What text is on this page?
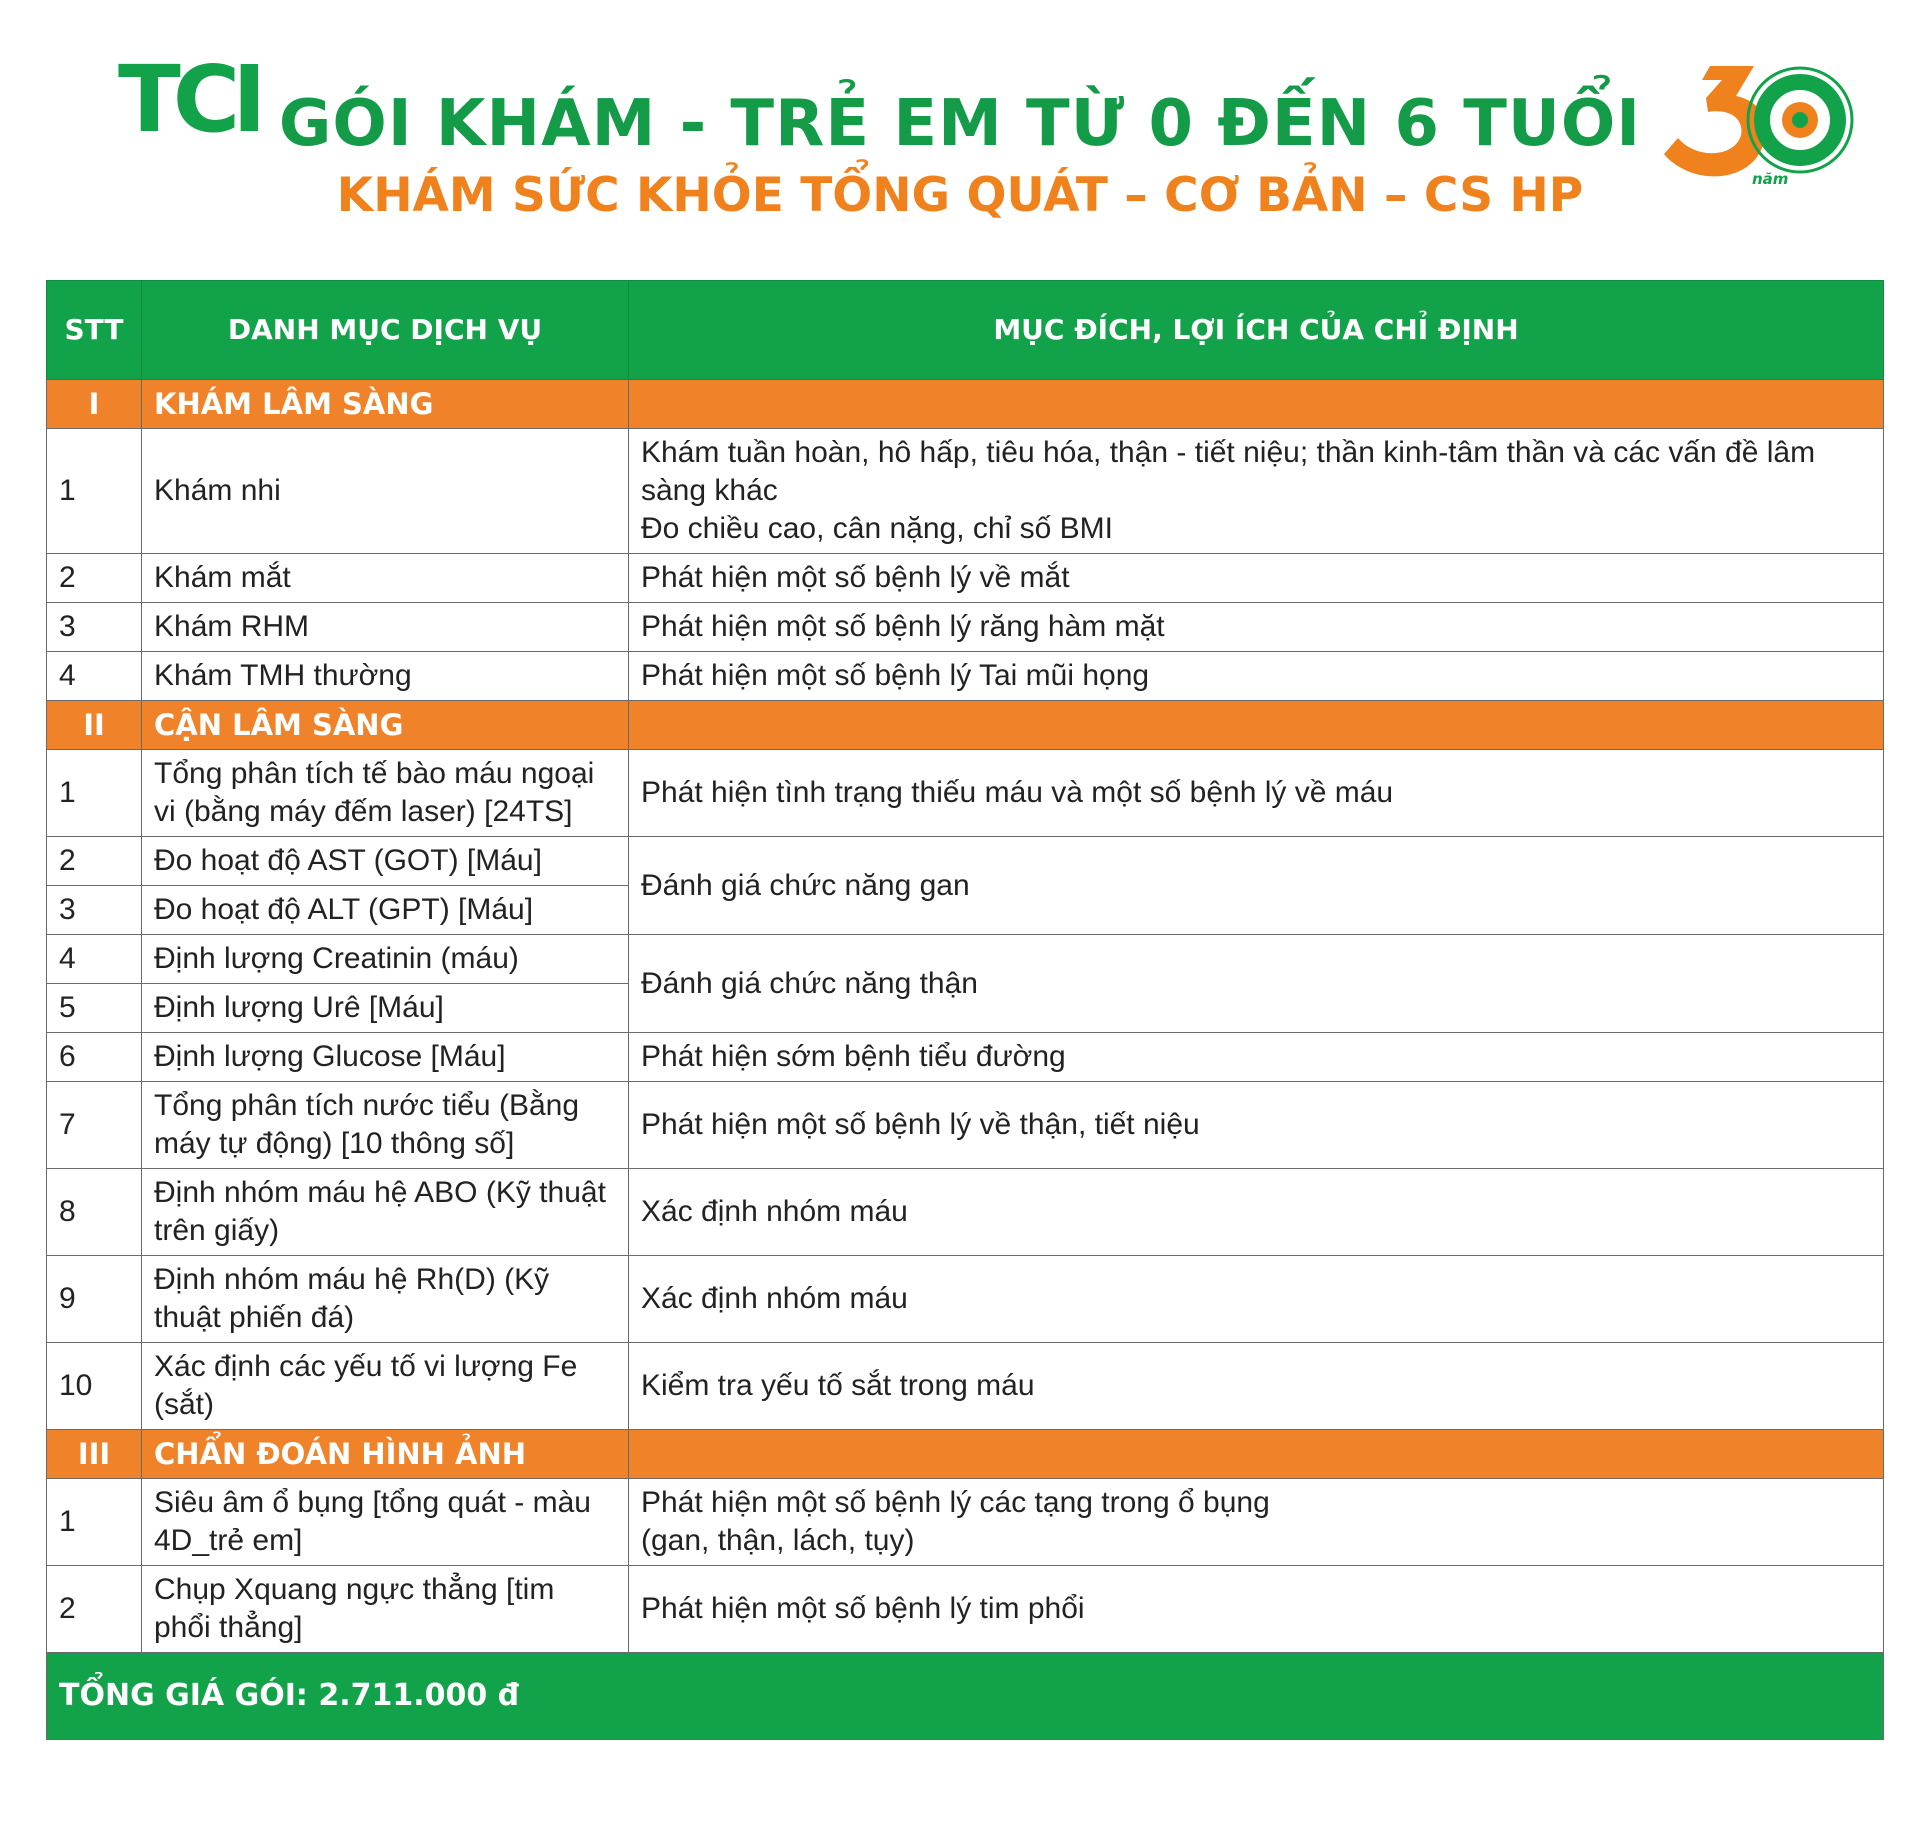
TCI GÓI KHÁM - TRẺ EM TỪ 0 ĐẾN 6 TUỔI
KHÁM SỨC KHỎE TỔNG QUÁT – CƠ BẢN – CS HP	năm
STT	DANH MỤC DỊCH VỤ	MỤC ĐÍCH, LỢI ÍCH CỦA CHỈ ĐỊNH
I	KHÁM LÂM SÀNG	
1	Khám nhi	Khám tuần hoàn, hô hấp, tiêu hóa, thận - tiết niệu; thần kinh-tâm thần và các vấn đề lâm sàng khác
Đo chiều cao, cân nặng, chỉ số BMI

2	Khám mắt	Phát hiện một số bệnh lý về mắt
3	Khám RHM	Phát hiện một số bệnh lý răng hàm mặt
4	Khám TMH thường	Phát hiện một số bệnh lý Tai mũi họng
II	CẬN LÂM SÀNG	
1	Tổng phân tích tế bào máu ngoại vi (bằng máy đếm laser) [24TS]	Phát hiện tình trạng thiếu máu và một số bệnh lý về máu
2	Đo hoạt độ AST (GOT) [Máu]	Đánh giá chức năng gan
3	Đo hoạt độ ALT (GPT) [Máu]	
4	Định lượng Creatinin (máu)	Đánh giá chức năng thận
5	Định lượng Urê [Máu]	
6	Định lượng Glucose [Máu]	Phát hiện sớm bệnh tiểu đường
7	Tổng phân tích nước tiểu (Bằng máy tự động) [10 thông số]	Phát hiện một số bệnh lý về thận, tiết niệu
8	Định nhóm máu hệ ABO (Kỹ thuật trên giấy)	Xác định nhóm máu
9	Định nhóm máu hệ Rh(D) (Kỹ thuật phiến đá)	Xác định nhóm máu
10	Xác định các yếu tố vi lượng Fe (sắt)	Kiểm tra yếu tố sắt trong máu
III	CHẨN ĐOÁN HÌNH ẢNH	
1	Siêu âm ổ bụng [tổng quát - màu 4D_trẻ em]	Phát hiện một số bệnh lý các tạng trong ổ bụng
(gan, thận, lách, tụy)

2	Chụp Xquang ngực thẳng [tim phổi thẳng]	Phát hiện một số bệnh lý tim phổi
TỔNG GIÁ GÓI: 2.711.000 đ		
